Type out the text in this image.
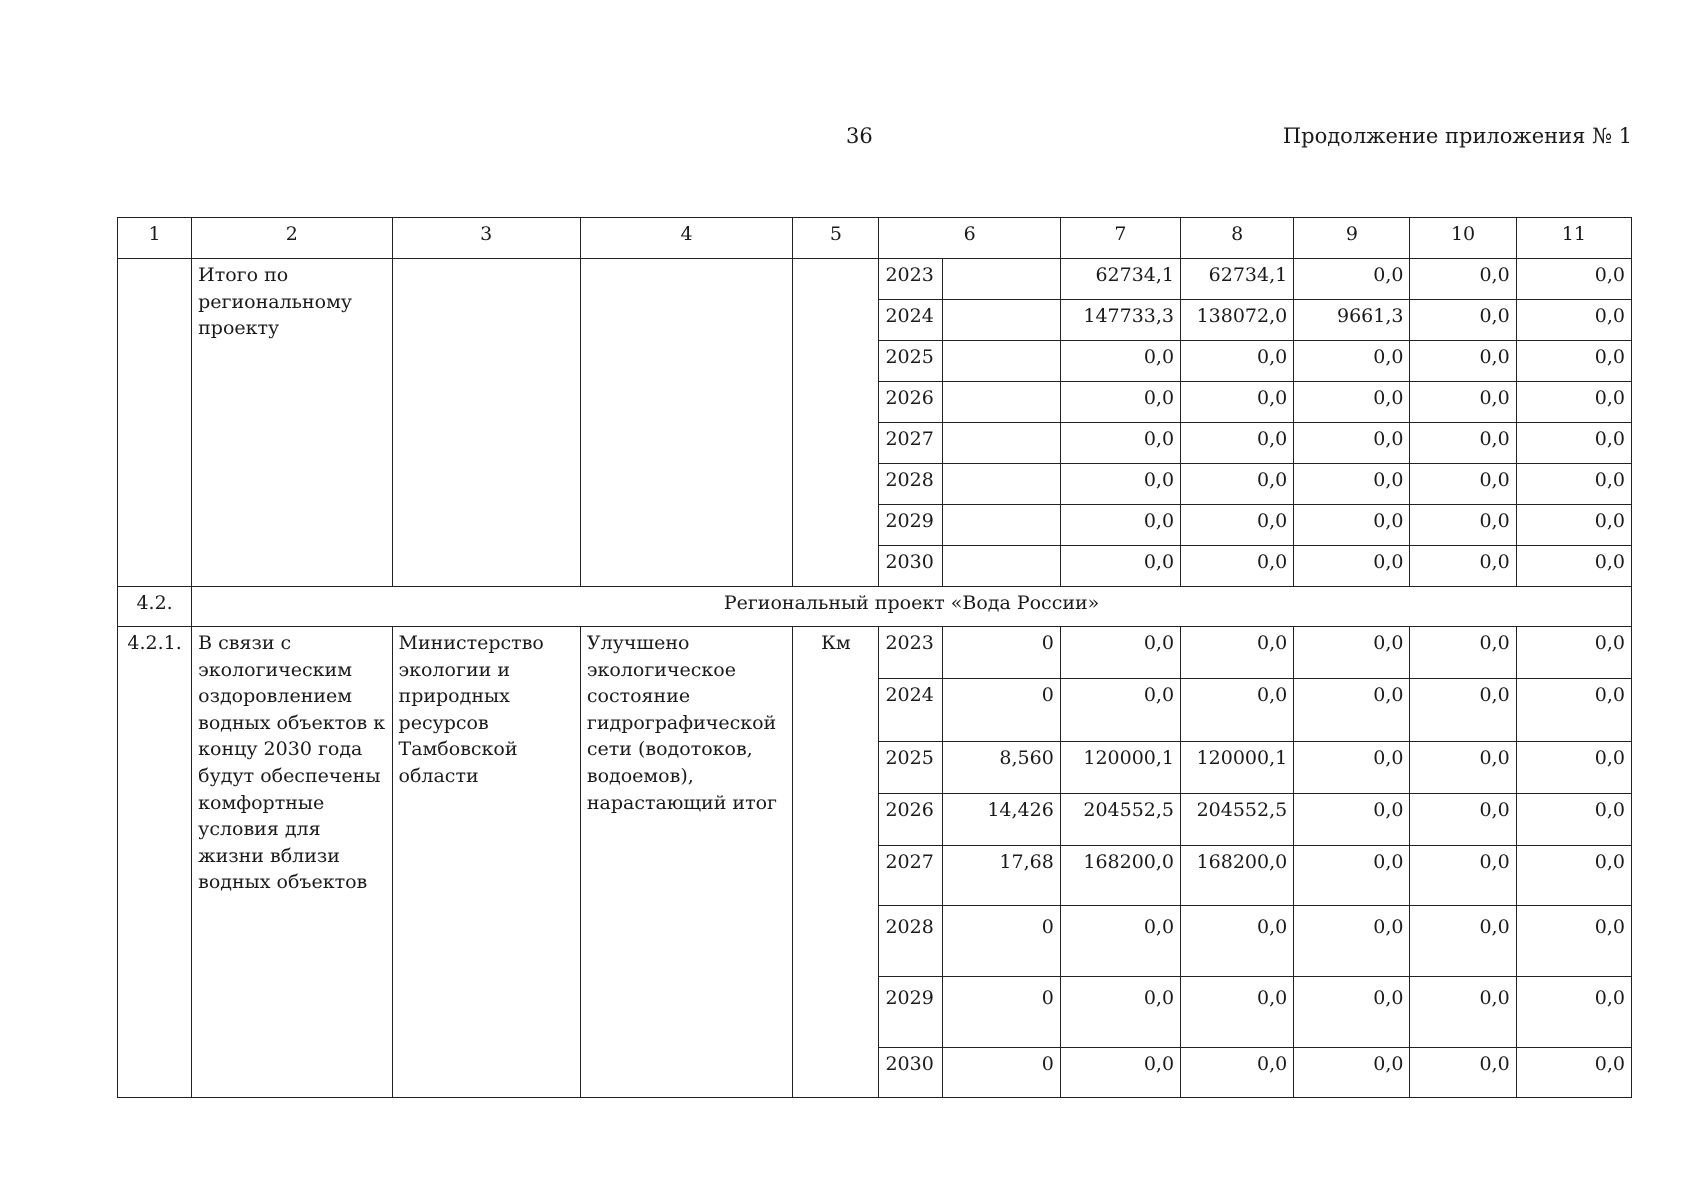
36	Продолжение приложения № 1
1	2	3	4	5	6		7	8	9	10	11
	Итого по региональному проекту				2023		62734,1	62734,1	0,0	0,0	0,0
					2024		147733,3	138072,0	9661,3	0,0	0,0
					2025		0,0	0,0	0,0	0,0	0,0
					2026		0,0	0,0	0,0	0,0	0,0
					2027		0,0	0,0	0,0	0,0	0,0
					2028		0,0	0,0	0,0	0,0	0,0
					2029		0,0	0,0	0,0	0,0	0,0
					2030		0,0	0,0	0,0	0,0	0,0
4.2.	Региональный проект «Вода России»										
4.2.1.	В связи с экологическим оздоровлением водных объектов к концу 2030 года будут обеспечены комфортные условия для жизни вблизи водных объектов	Министерство экологии и природных ресурсов Тамбовской области	Улучшено экологическое состояние гидрографической сети (водотоков, водоемов), нарастающий итог	Км	2023	0	0,0	0,0	0,0	0,0	0,0
					2024	0	0,0	0,0	0,0	0,0	0,0
					2025	8,560	120000,1	120000,1	0,0	0,0	0,0
					2026	14,426	204552,5	204552,5	0,0	0,0	0,0
					2027	17,68	168200,0	168200,0	0,0	0,0	0,0
					2028	0	0,0	0,0	0,0	0,0	0,0
					2029	0	0,0	0,0	0,0	0,0	0,0
					2030	0	0,0	0,0	0,0	0,0	0,0
